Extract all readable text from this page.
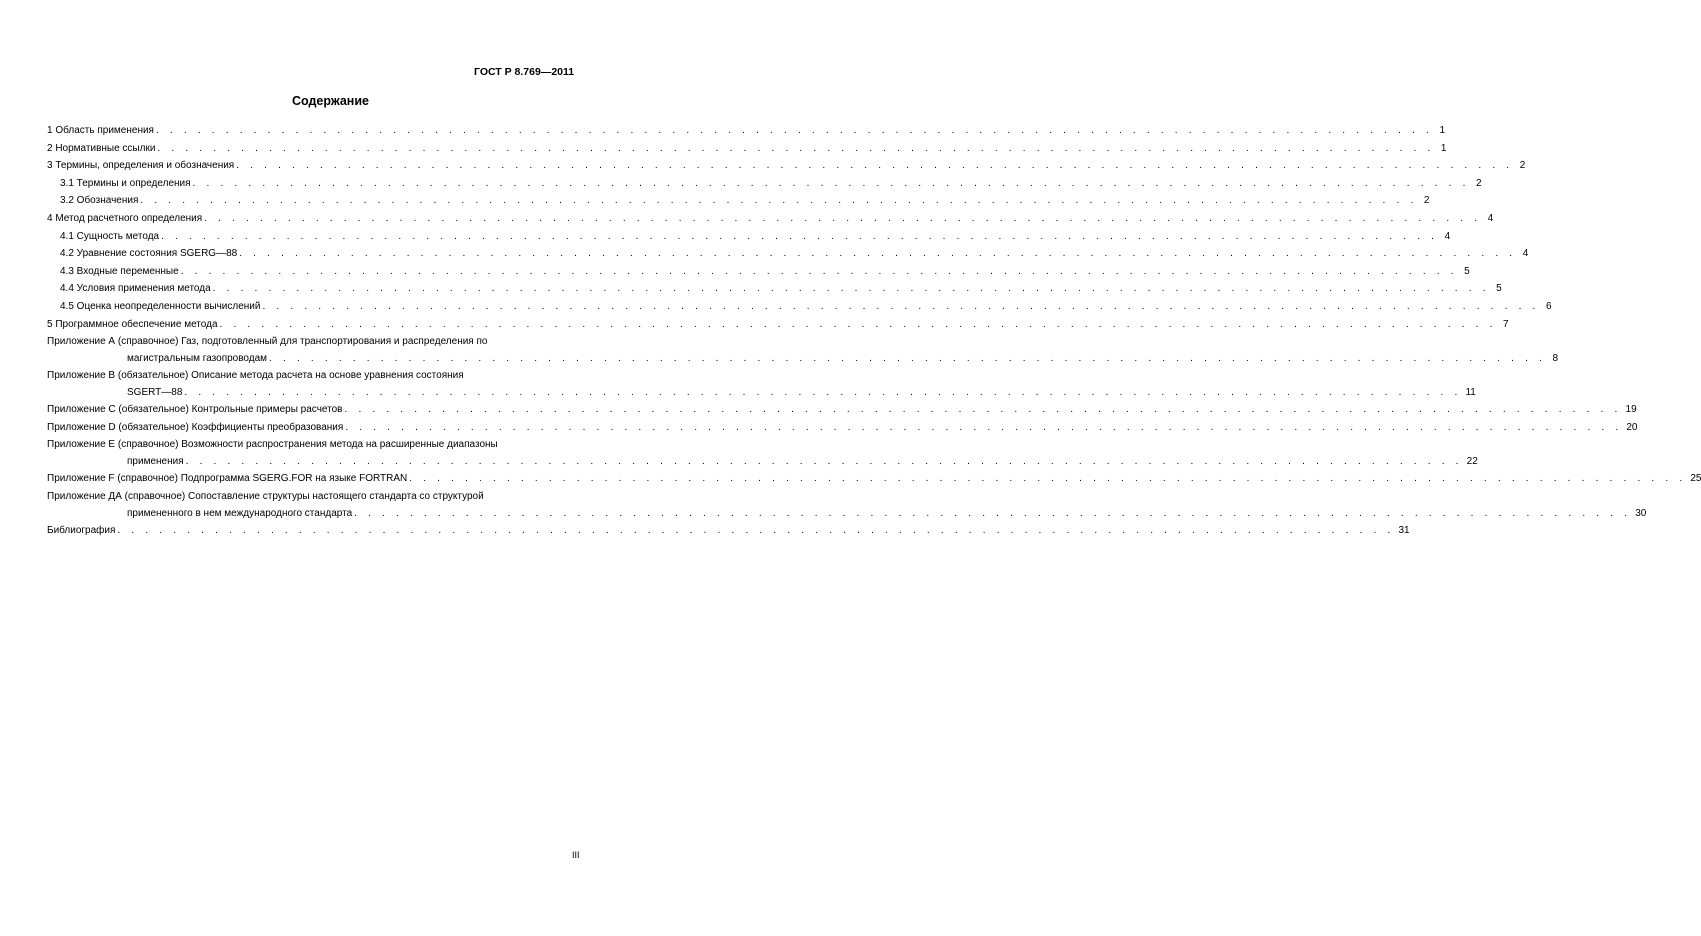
ГОСТ Р 8.769—2011
Содержание
1 Область применения . . . . . . . . . . . . . . . . . . . . . . . . . . . . . . . . . . . . . . . . . . . . . . . . . . . . . . . . . . . . . . . . . . . . . . . . . . . . . . . . . . . . . . . . . . . . 1
2 Нормативные ссылки . . . . . . . . . . . . . . . . . . . . . . . . . . . . . . . . . . . . . . . . . . . . . . . . . . . . . . . . . . . . . . . . . . . . . . . . . . . . . . . . . . . . . . . . . . . . 1
3 Термины, определения и обозначения . . . . . . . . . . . . . . . . . . . . . . . . . . . . . . . . . . . . . . . . . . . . . . . . . . . . . . . . . . . . . . . . . . . . . . . . . . . . . . . . . . . . . . . . . . . . 2
3.1 Термины и определения . . . . . . . . . . . . . . . . . . . . . . . . . . . . . . . . . . . . . . . . . . . . . . . . . . . . . . . . . . . . . . . . . . . . . . . . . . . . . . . . . . . . . . . . . . . . 2
3.2 Обозначения . . . . . . . . . . . . . . . . . . . . . . . . . . . . . . . . . . . . . . . . . . . . . . . . . . . . . . . . . . . . . . . . . . . . . . . . . . . . . . . . . . . . . . . . . . . . 2
4 Метод расчетного определения . . . . . . . . . . . . . . . . . . . . . . . . . . . . . . . . . . . . . . . . . . . . . . . . . . . . . . . . . . . . . . . . . . . . . . . . . . . . . . . . . . . . . . . . . . . . 4
4.1 Сущность метода . . . . . . . . . . . . . . . . . . . . . . . . . . . . . . . . . . . . . . . . . . . . . . . . . . . . . . . . . . . . . . . . . . . . . . . . . . . . . . . . . . . . . . . . . . . . 4
4.2 Уравнение состояния SGERG—88 . . . . . . . . . . . . . . . . . . . . . . . . . . . . . . . . . . . . . . . . . . . . . . . . . . . . . . . . . . . . . . . . . . . . . . . . . . . . . . . . . . . . . . . . . . . . 4
4.3 Входные переменные . . . . . . . . . . . . . . . . . . . . . . . . . . . . . . . . . . . . . . . . . . . . . . . . . . . . . . . . . . . . . . . . . . . . . . . . . . . . . . . . . . . . . . . . . . . . 5
4.4 Условия применения метода . . . . . . . . . . . . . . . . . . . . . . . . . . . . . . . . . . . . . . . . . . . . . . . . . . . . . . . . . . . . . . . . . . . . . . . . . . . . . . . . . . . . . . . . . . . . 5
4.5 Оценка неопределенности вычислений . . . . . . . . . . . . . . . . . . . . . . . . . . . . . . . . . . . . . . . . . . . . . . . . . . . . . . . . . . . . . . . . . . . . . . . . . . . . . . . . . . . . . . . . . . . . 6
5 Программное обеспечение метода . . . . . . . . . . . . . . . . . . . . . . . . . . . . . . . . . . . . . . . . . . . . . . . . . . . . . . . . . . . . . . . . . . . . . . . . . . . . . . . . . . . . . . . . . . . . 7
Приложение А (справочное) Газ, подготовленный для транспортирования и распределения по
магистральным газопроводам . . . . . . . . . . . . . . . . . . . . . . . . . . . . . . . . . . . . . . . . . . . . . . . . . . . . . . . . . . . . . . . . . . . . . . . . . . . . . . . . . . . . . . . . . . . . 8
Приложение В (обязательное) Описание метода расчета на основе уравнения состояния
SGERT—88 . . . . . . . . . . . . . . . . . . . . . . . . . . . . . . . . . . . . . . . . . . . . . . . . . . . . . . . . . . . . . . . . . . . . . . . . . . . . . . . . . . . . . . . . . . . . 11
Приложение С (обязательное) Контрольные примеры расчетов . . . . . . . . . . . . . . . . . . . . . . . . . . . . . . . . . . . . . . . . . . . . . . . . . . . . . . . . . . . . . . . . . . . . . . . . . . . . . . . . . . . . . . . . . . . . 19
Приложение D (обязательное) Коэффициенты преобразования . . . . . . . . . . . . . . . . . . . . . . . . . . . . . . . . . . . . . . . . . . . . . . . . . . . . . . . . . . . . . . . . . . . . . . . . . . . . . . . . . . . . . . . . . . . . 20
Приложение Е (справочное) Возможности распространения метода на расширенные диапазоны
применения . . . . . . . . . . . . . . . . . . . . . . . . . . . . . . . . . . . . . . . . . . . . . . . . . . . . . . . . . . . . . . . . . . . . . . . . . . . . . . . . . . . . . . . . . . . . 22
Приложение F (справочное) Подпрограмма SGERG.FOR на языке FORTRAN . . . . . . . . . . . . . . . . . . . . . . . . . . . . . . . . . . . . . . . . . . . . . . . . . . . . . . . . . . . . . . . . . . . . . . . . . . . . . . . . . . . . . . . . . . . . 25
Приложение ДА (справочное) Сопоставление структуры настоящего стандарта со структурой
примененного в нем международного стандарта . . . . . . . . . . . . . . . . . . . . . . . . . . . . . . . . . . . . . . . . . . . . . . . . . . . . . . . . . . . . . . . . . . . . . . . . . . . . . . . . . . . . . . . . . . . . 30
Библиография . . . . . . . . . . . . . . . . . . . . . . . . . . . . . . . . . . . . . . . . . . . . . . . . . . . . . . . . . . . . . . . . . . . . . . . . . . . . . . . . . . . . . . . . . . . . 31
III
